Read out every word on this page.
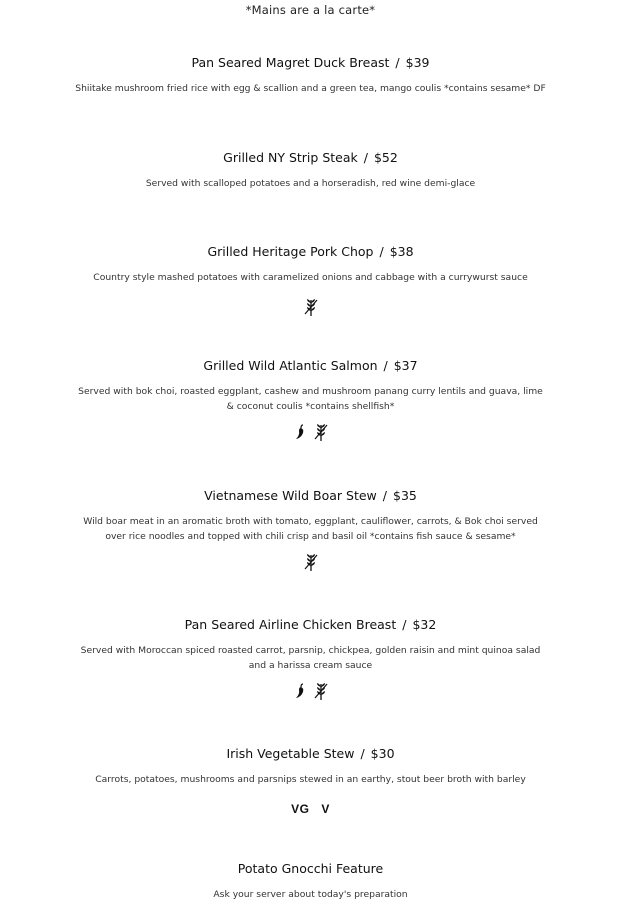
*Mains are a la carte*
Pan Seared Magret Duck Breast / $39
Shiitake mushroom fried rice with egg & scallion and a green tea, mango coulis *contains sesame* DF
Grilled NY Strip Steak / $52
Served with scalloped potatoes and a horseradish, red wine demi-glace
Grilled Heritage Pork Chop / $38
Country style mashed potatoes with caramelized onions and cabbage with a currywurst sauce
Grilled Wild Atlantic Salmon / $37
Served with bok choi, roasted eggplant, cashew and mushroom panang curry lentils and guava, lime & coconut coulis *contains shellfish*
Vietnamese Wild Boar Stew / $35
Wild boar meat in an aromatic broth with tomato, eggplant, cauliflower, carrots, & Bok choi served over rice noodles and topped with chili crisp and basil oil *contains fish sauce & sesame*
Pan Seared Airline Chicken Breast / $32
Served with Moroccan spiced roasted carrot, parsnip, chickpea, golden raisin and mint quinoa salad and a harissa cream sauce
Irish Vegetable Stew / $30
Carrots, potatoes, mushrooms and parsnips stewed in an earthy, stout beer broth with barley
VG V
Potato Gnocchi Feature
Ask your server about today's preparation
